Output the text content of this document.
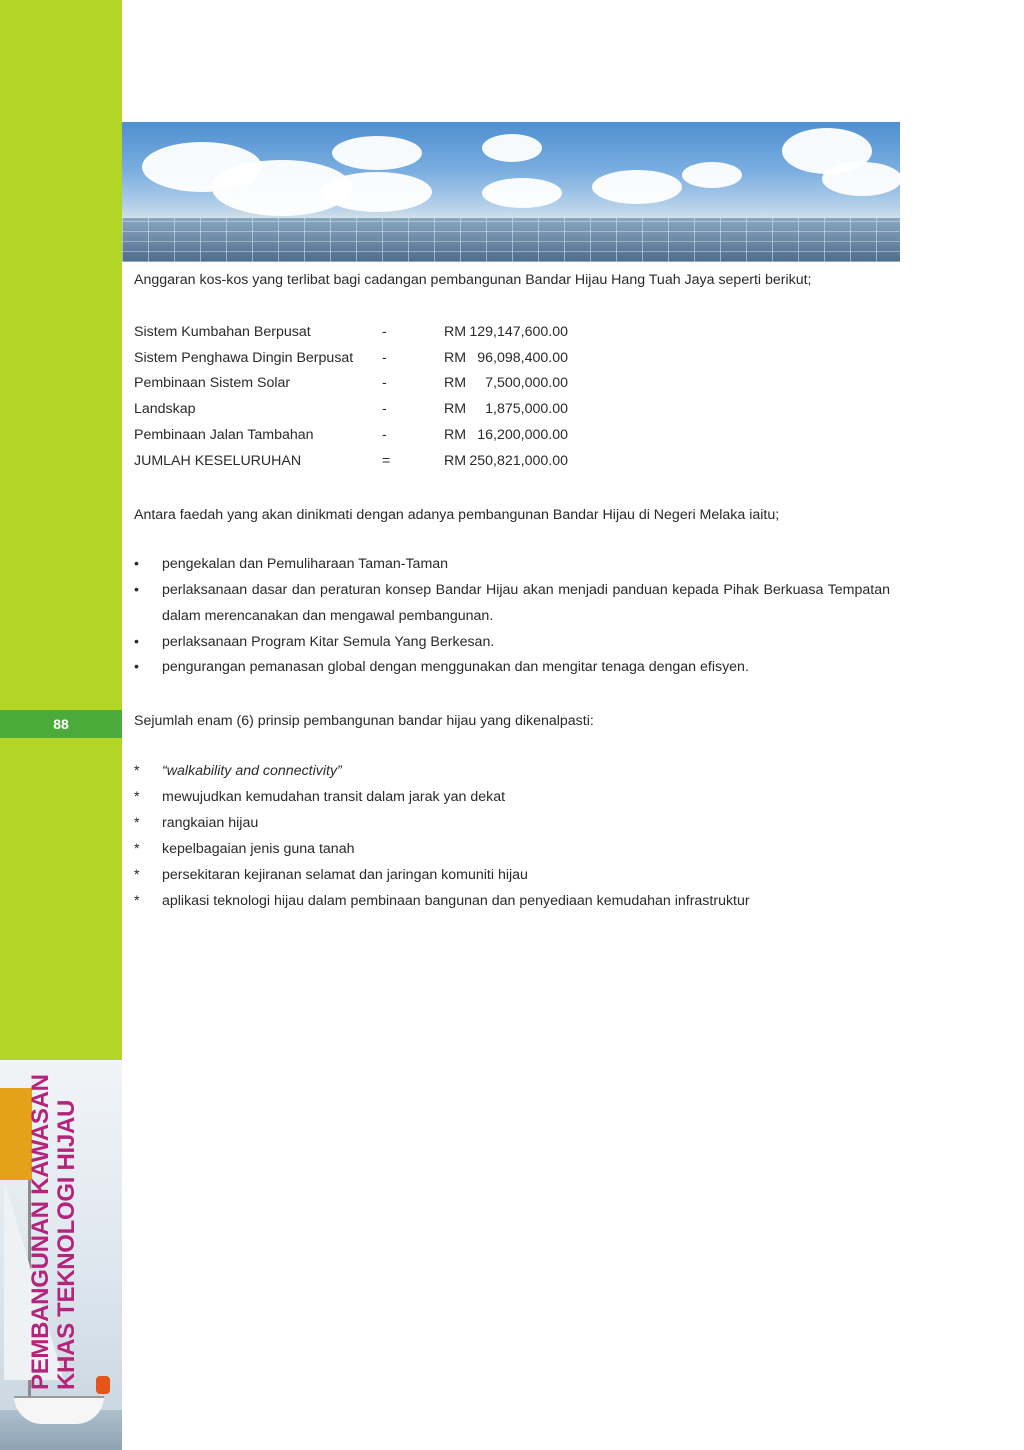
88
PEMBANGUNAN KAWASAN KHAS TEKNOLOGI HIJAU
Anggaran kos-kos yang terlibat bagi cadangan pembangunan Bandar Hijau Hang Tuah Jaya seperti berikut;
Sistem Kumbahan Berpusat	-	RM 129,147,600.00
Sistem Penghawa Dingin Berpusat -	RM 96,098,400.00
Pembinaan Sistem Solar	-	RM	7,500,000.00
Landskap	-	RM	1,875,000.00
Pembinaan Jalan Tambahan	-	RM 16,200,000.00
JUMLAH KESELURUHAN	=	RM 250,821,000.00
Antara faedah yang akan dinikmati dengan adanya pembangunan Bandar Hijau di Negeri Melaka iaitu;
• pengekalan dan Pemuliharaan Taman-Taman
• perlaksanaan dasar dan peraturan konsep Bandar Hijau akan menjadi panduan kepada Pihak Berkuasa Tempatan dalam merencanakan dan mengawal pembangunan.
• perlaksanaan Program Kitar Semula Yang Berkesan.
• pengurangan pemanasan global dengan menggunakan dan mengitar tenaga dengan efisyen.
Sejumlah enam (6) prinsip pembangunan bandar hijau yang dikenalpasti:
* “walkability and connectivity”
* mewujudkan kemudahan transit dalam jarak yan dekat
* rangkaian hijau
* kepelbagaian jenis guna tanah
* persekitaran kejiranan selamat dan jaringan komuniti hijau
* aplikasi teknologi hijau dalam pembinaan bangunan dan penyediaan kemudahan infrastruktur
